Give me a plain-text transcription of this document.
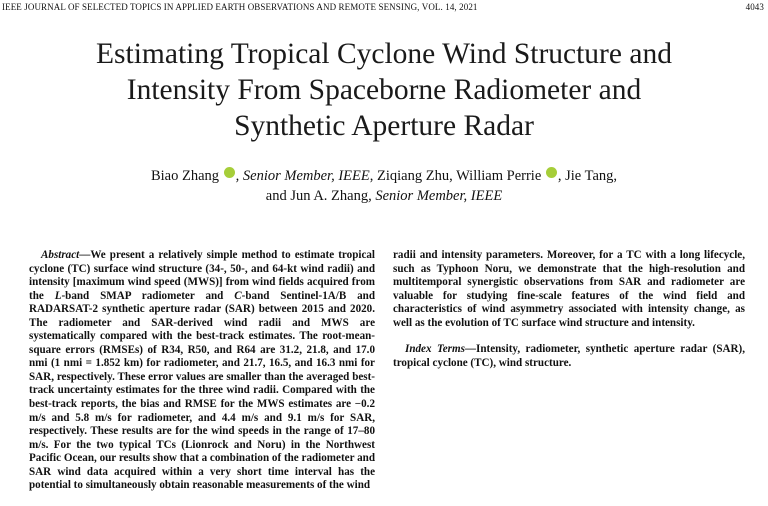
IEEE JOURNAL OF SELECTED TOPICS IN APPLIED EARTH OBSERVATIONS AND REMOTE SENSING, VOL. 14, 2021	4043
Estimating Tropical Cyclone Wind Structure and
Intensity From Spaceborne Radiometer and
Synthetic Aperture Radar
Biao Zhang , Senior Member, IEEE, Ziqiang Zhu, William Perrie , Jie Tang,
and Jun A. Zhang, Senior Member, IEEE

Abstract—We present a relatively simple method to estimate tropical cyclone (TC) surface wind structure (34-, 50-, and 64-kt wind radii) and intensity [maximum wind speed (MWS)] from wind fields acquired from the L-band SMAP radiometer and C-band Sentinel-1A/B and RADARSAT-2 synthetic aperture radar (SAR) between 2015 and 2020. The radiometer and SAR-derived wind radii and MWS are systematically compared with the best-track estimates. The root-mean-square errors (RMSEs) of R34, R50, and R64 are 31.2, 21.8, and 17.0 nmi (1 nmi = 1.852 km) for radiometer, and 21.7, 16.5, and 16.3 nmi for SAR, respectively. These error values are smaller than the averaged best-track uncertainty estimates for the three wind radii. Compared with the best-track reports, the bias and RMSE for the MWS estimates are −0.2 m/s and 5.8 m/s for radiometer, and 4.4 m/s and 9.1 m/s for SAR, respectively. These results are for the wind speeds in the range of 17–80 m/s. For the two typical TCs (Lionrock and Noru) in the Northwest Pacific Ocean, our results show that a combination of the radiometer and SAR wind data acquired within a very short time interval has the potential to simultaneously obtain reasonable measurements of the wind

radii and intensity parameters. Moreover, for a TC with a long lifecycle, such as Typhoon Noru, we demonstrate that the high-resolution and multitemporal synergistic observations from SAR and radiometer are valuable for studying fine-scale features of the wind field and characteristics of wind asymmetry associated with intensity change, as well as the evolution of TC surface wind structure and intensity.

Index Terms—Intensity, radiometer, synthetic aperture radar (SAR), tropical cyclone (TC), wind structure.
